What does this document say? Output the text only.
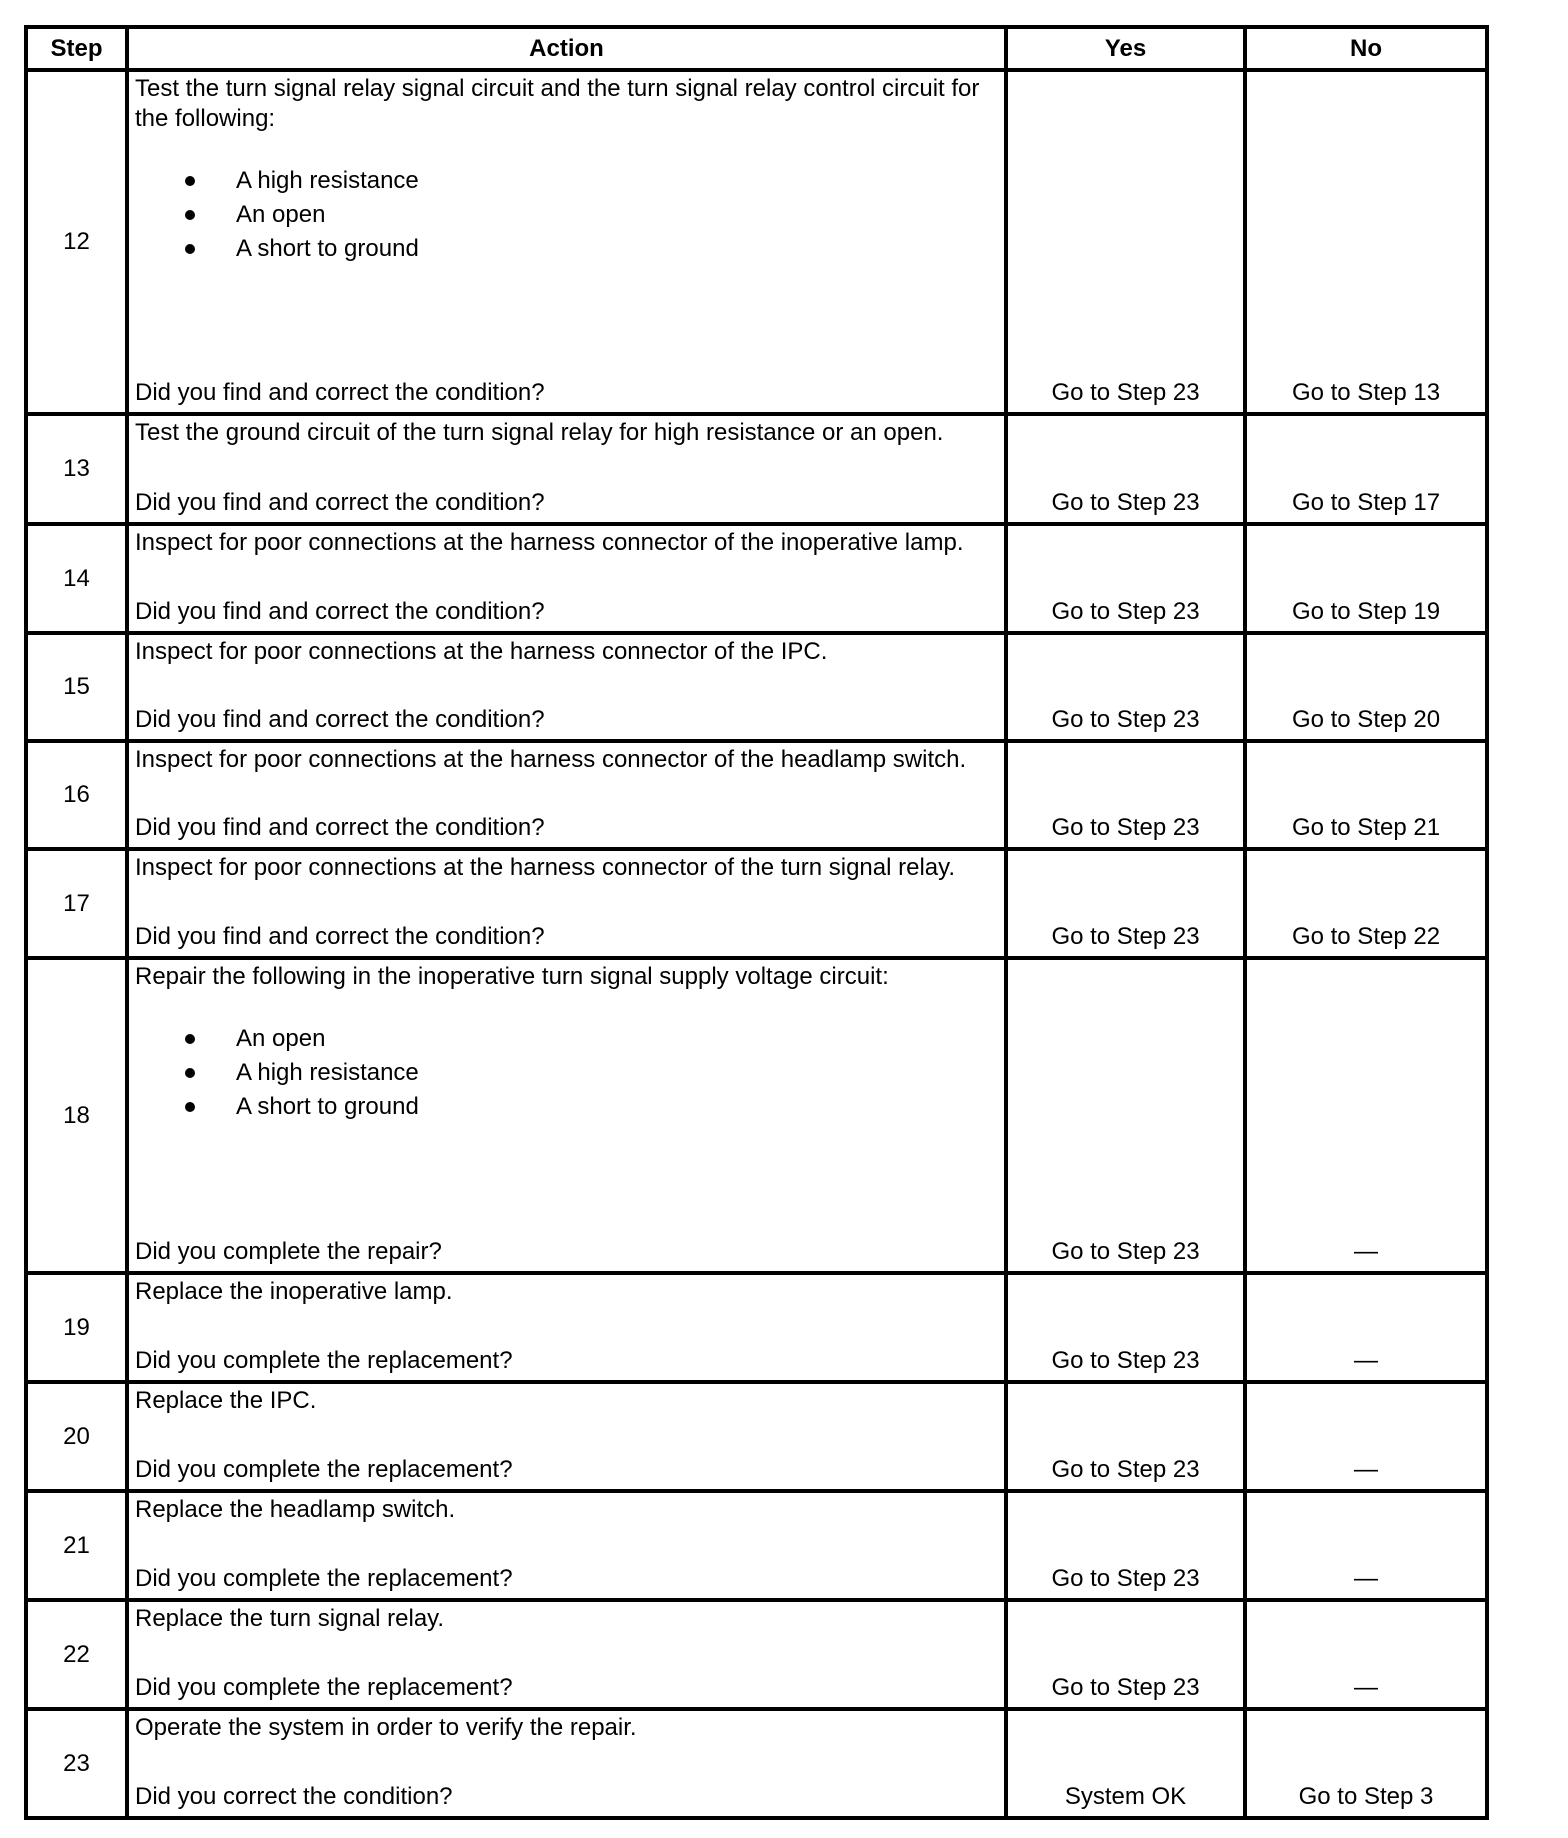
Step	Action	Yes	No
12	
Test the turn signal relay signal circuit and the turn signal relay control circuit for the following:
A high resistance
An open
A short to ground
Did you find and correct the condition?	Go to Step 23	Go to Step 13

13	Test the ground circuit of the turn signal relay for high resistance or an open.
Did you find and correct the condition?	Go to Step 23	Go to Step 17

14	Inspect for poor connections at the harness connector of the inoperative lamp.
Did you find and correct the condition?	Go to Step 23	Go to Step 19

15	Inspect for poor connections at the harness connector of the IPC.
Did you find and correct the condition?	Go to Step 23	Go to Step 20

16	Inspect for poor connections at the harness connector of the headlamp switch.
Did you find and correct the condition?	Go to Step 23	Go to Step 21

17	Inspect for poor connections at the harness connector of the turn signal relay.
Did you find and correct the condition?	Go to Step 23	Go to Step 22

18	
Repair the following in the inoperative turn signal supply voltage circuit:
An open
A high resistance
A short to ground
Did you complete the repair?	Go to Step 23	—

19	Replace the inoperative lamp.
Did you complete the replacement?	Go to Step 23	—

20	Replace the IPC.
Did you complete the replacement?	Go to Step 23	—

21	Replace the headlamp switch.
Did you complete the replacement?	Go to Step 23	—

22	Replace the turn signal relay.
Did you complete the replacement?	Go to Step 23	—

23	Operate the system in order to verify the repair.
Did you correct the condition?	System OK	Go to Step 3
